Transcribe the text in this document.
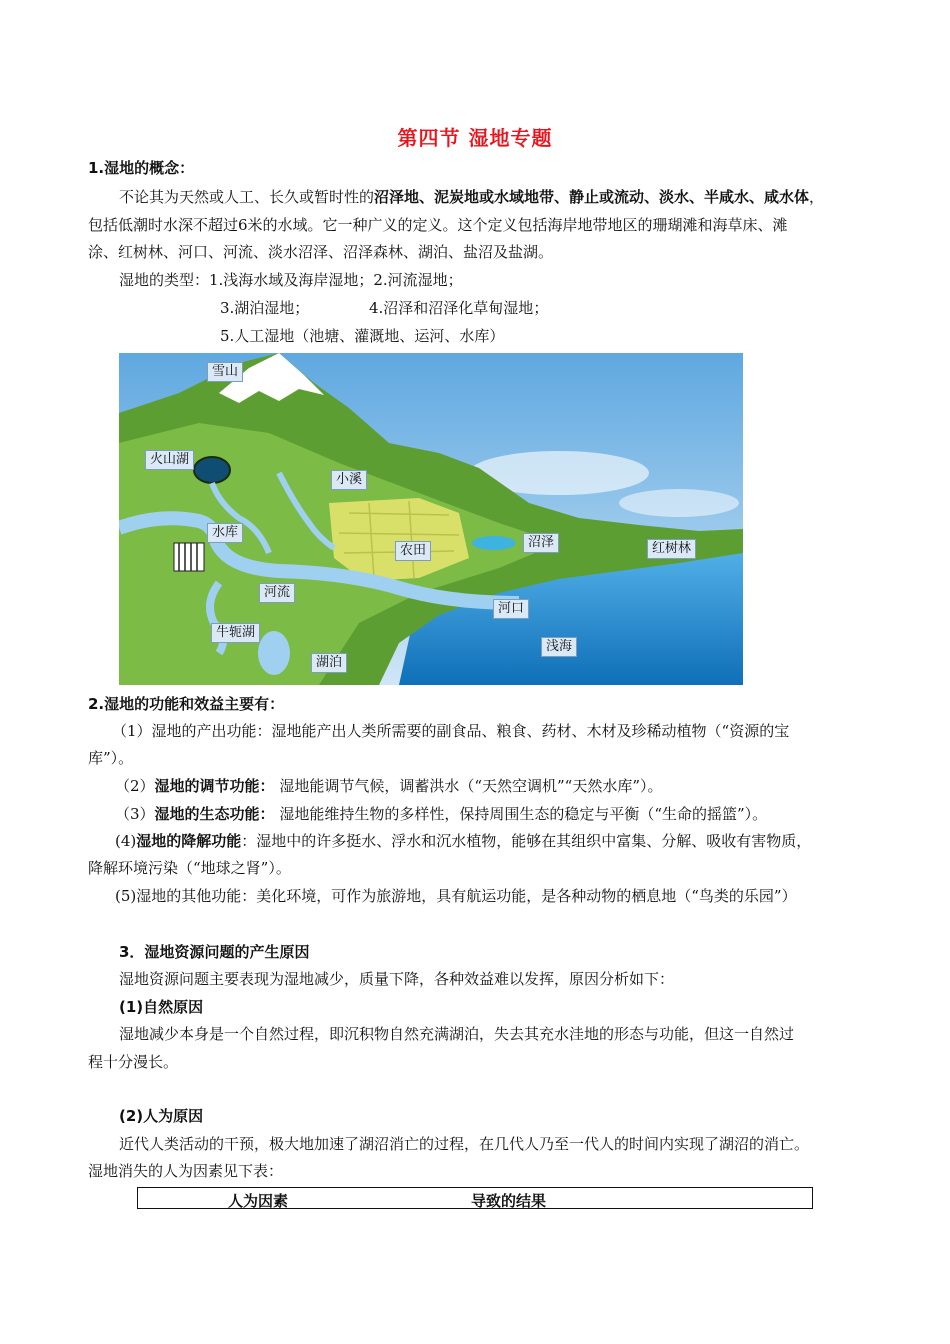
第四节 湿地专题
1.湿地的概念：
不论其为天然或人工、长久或暂时性的沼泽地、泥炭地或水域地带、静止或流动、淡水、半咸水、咸水体，
包括低潮时水深不超过6米的水域。它一种广义的定义。这个定义包括海岸地带地区的珊瑚滩和海草床、滩
涂、红树林、河口、河流、淡水沼泽、沼泽森林、湖泊、盐沼及盐湖。
湿地的类型：1.浅海水域及海岸湿地；2.河流湿地；
3.湖泊湿地；	4.沼泽和沼泽化草甸湿地；
5.人工湿地（池塘、灌溉地、运河、水库）
雪山
火山湖
小溪
水库
农田
沼泽	红树林
河流
河口
牛轭湖
湖泊
浅海
2.湿地的功能和效益主要有：
（1）湿地的产出功能：湿地能产出人类所需要的副食品、粮食、药材、木材及珍稀动植物（“资源的宝
库”）。
（2）湿地的调节功能： 湿地能调节气候，调蓄洪水（“天然空调机”“天然水库”）。
（3）湿地的生态功能： 湿地能维持生物的多样性，保持周围生态的稳定与平衡（“生命的摇篮”）。
(4)湿地的降解功能：湿地中的许多挺水、浮水和沉水植物，能够在其组织中富集、分解、吸收有害物质，
降解环境污染（“地球之肾”）。
(5)湿地的其他功能：美化环境，可作为旅游地，具有航运功能，是各种动物的栖息地（“鸟类的乐园”）
3．湿地资源问题的产生原因
湿地资源问题主要表现为湿地减少，质量下降，各种效益难以发挥，原因分析如下：
(1)自然原因
湿地减少本身是一个自然过程，即沉积物自然充满湖泊，失去其充水洼地的形态与功能，但这一自然过
程十分漫长。
(2)人为原因
近代人类活动的干预，极大地加速了湖沼消亡的过程，在几代人乃至一代人的时间内实现了湖沼的消亡。
湿地消失的人为因素见下表：
人为因素	导致的结果
